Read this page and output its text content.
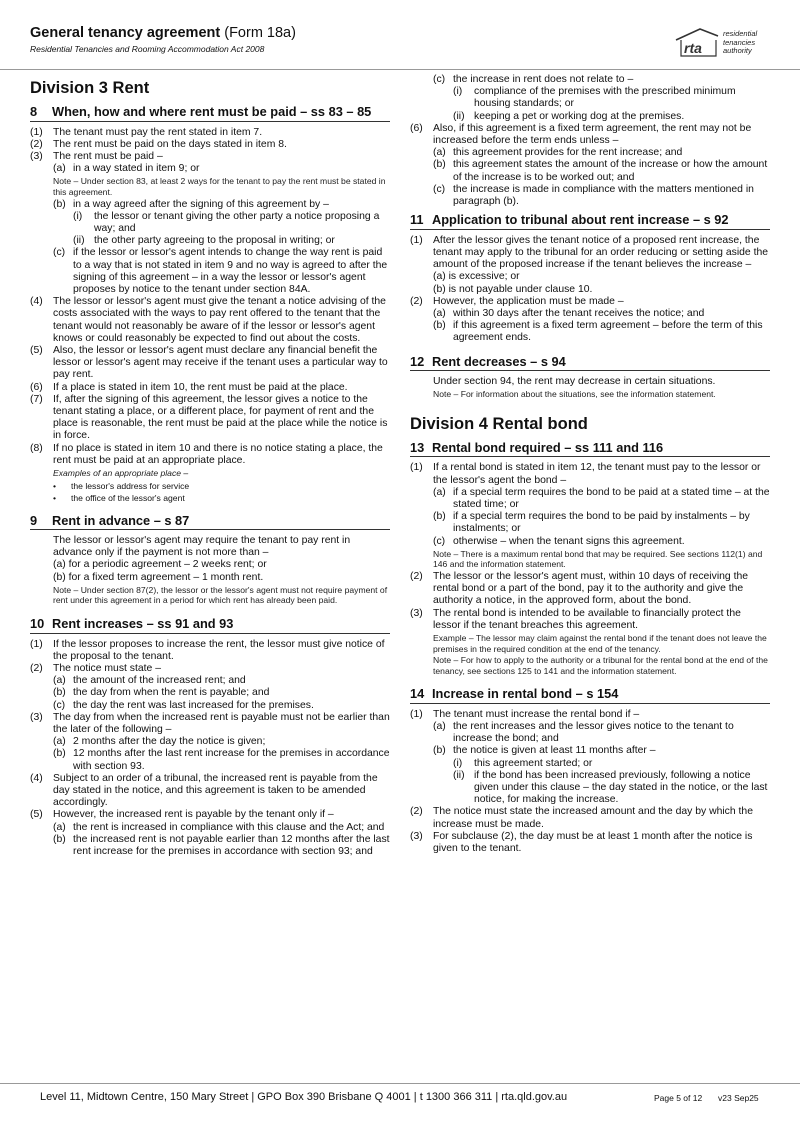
General tenancy agreement (Form 18a)
Residential Tenancies and Rooming Accommodation Act 2008	rta
residential
tenancies
authority
Division 3 Rent
8	When, how and where rent must be paid – ss 83 – 85
(1) The tenant must pay the rent stated in item 7.
(2) The rent must be paid on the days stated in item 8.
(3) The rent must be paid –
(a) in a way stated in item 9; or
Note – Under section 83, at least 2 ways for the tenant to pay the rent must be stated in this agreement.
(b) in a way agreed after the signing of this agreement by –
(i)	the lessor or tenant giving the other party a notice proposing a way; and
(ii) the other party agreeing to the proposal in writing; or
(c) if the lessor or lessor's agent intends to change the way rent is paid to a way that is not stated in item 9 and no way is agreed to after the signing of this agreement – in a way the lessor or lessor's agent proposes by notice to the tenant under section 84A.
(4) The lessor or lessor's agent must give the tenant a notice advising of the costs associated with the ways to pay rent offered to the tenant that the tenant would not reasonably be aware of if the lessor or lessor's agent knows or could reasonably be expected to find out about the costs.
(5) Also, the lessor or lessor's agent must declare any financial benefit the lessor or lessor's agent may receive if the tenant uses a particular way to pay rent.
(6) If a place is stated in item 10, the rent must be paid at the place.
(7) If, after the signing of this agreement, the lessor gives a notice to the tenant stating a place, or a different place, for payment of rent and the place is reasonable, the rent must be paid at the place while the notice is in force.
(8) If no place is stated in item 10 and there is no notice stating a place, the rent must be paid at an appropriate place.
Examples of an appropriate place –
•	the lessor's address for service
•	the office of the lessor's agent
9	Rent in advance – s 87
The lessor or lessor's agent may require the tenant to pay rent in advance only if the payment is not more than –
(a) for a periodic agreement – 2 weeks rent; or
(b) for a fixed term agreement – 1 month rent.
Note – Under section 87(2), the lessor or the lessor's agent must not require payment of rent under this agreement in a period for which rent has already been paid.
10 Rent increases – ss 91 and 93
(1) If the lessor proposes to increase the rent, the lessor must give notice of the proposal to the tenant.
(2) The notice must state –
(a) the amount of the increased rent; and
(b) the day from when the rent is payable; and
(c) the day the rent was last increased for the premises.
(3) The day from when the increased rent is payable must not be earlier than the later of the following –
(a) 2 months after the day the notice is given;
(b) 12 months after the last rent increase for the premises in accordance with section 93.
(4) Subject to an order of a tribunal, the increased rent is payable from the day stated in the notice, and this agreement is taken to be amended accordingly.
(5) However, the increased rent is payable by the tenant only if –
(a) the rent is increased in compliance with this clause and the Act; and
(b) the increased rent is not payable earlier than 12 months after the last rent increase for the premises in accordance with section 93; and
(c) the increase in rent does not relate to –
(i)	compliance of the premises with the prescribed minimum housing standards; or
(ii) keeping a pet or working dog at the premises.
(6) Also, if this agreement is a fixed term agreement, the rent may not be increased before the term ends unless –
(a) this agreement provides for the rent increase; and
(b) this agreement states the amount of the increase or how the amount of the increase is to be worked out; and
(c) the increase is made in compliance with the matters mentioned in paragraph (b).
11 Application to tribunal about rent increase – s 92
(1) After the lessor gives the tenant notice of a proposed rent increase, the tenant may apply to the tribunal for an order reducing or setting aside the amount of the proposed increase if the tenant believes the increase –
(a) is excessive; or
(b) is not payable under clause 10.
(2) However, the application must be made –
(a) within 30 days after the tenant receives the notice; and
(b) if this agreement is a fixed term agreement – before the term of this agreement ends.
12 Rent decreases – s 94
Under section 94, the rent may decrease in certain situations.
Note – For information about the situations, see the information statement.
Division 4 Rental bond
13 Rental bond required – ss 111 and 116
(1) If a rental bond is stated in item 12, the tenant must pay to the lessor or the lessor's agent the bond –
(a) if a special term requires the bond to be paid at a stated time – at the stated time; or
(b) if a special term requires the bond to be paid by instalments – by instalments; or
(c) otherwise – when the tenant signs this agreement.
Note – There is a maximum rental bond that may be required. See sections 112(1) and 146 and the information statement.
(2) The lessor or the lessor's agent must, within 10 days of receiving the rental bond or a part of the bond, pay it to the authority and give the authority a notice, in the approved form, about the bond.
(3) The rental bond is intended to be available to financially protect the lessor if the tenant breaches this agreement.
Example – The lessor may claim against the rental bond if the tenant does not leave the premises in the required condition at the end of the tenancy.
Note – For how to apply to the authority or a tribunal for the rental bond at the end of the tenancy, see sections 125 to 141 and the information statement.
14 Increase in rental bond – s 154
(1) The tenant must increase the rental bond if –
(a) the rent increases and the lessor gives notice to the tenant to increase the bond; and
(b) the notice is given at least 11 months after –
(i)	this agreement started; or
(ii) if the bond has been increased previously, following a notice given under this clause – the day stated in the notice, or the last notice, for making the increase.
(2) The notice must state the increased amount and the day by which the increase must be made.
(3) For subclause (2), the day must be at least 1 month after the notice is given to the tenant.
Level 11, Midtown Centre, 150 Mary Street | GPO Box 390 Brisbane Q 4001 | t 1300 366 311 | rta.qld.gov.au	Page 5 of 12 v23 Sep25
